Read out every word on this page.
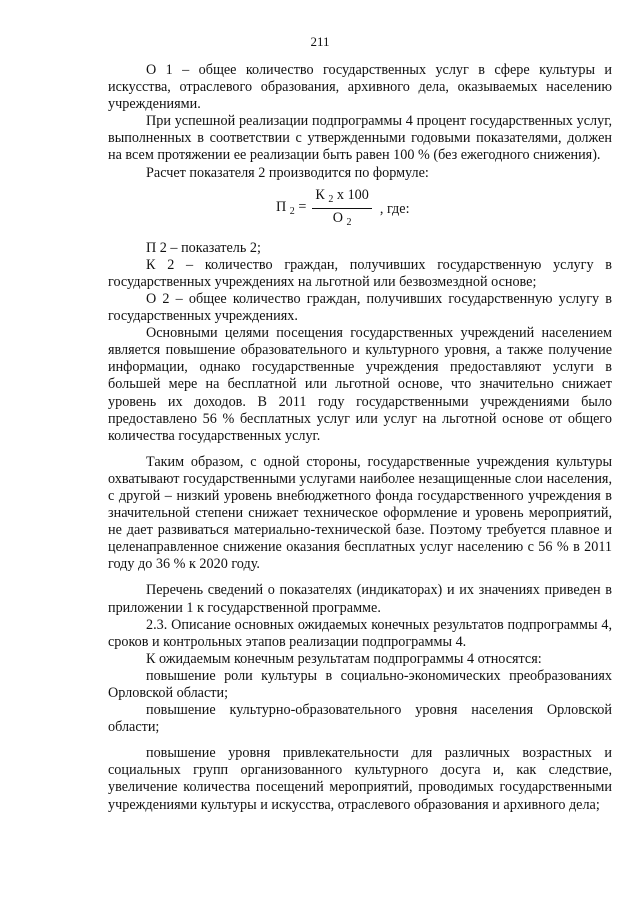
211

О 1 – общее количество государственных услуг в сфере культуры и искусства, отраслевого образования, архивного дела, оказываемых населению учреждениями.

При успешной реализации подпрограммы 4 процент государственных услуг, выполненных в соответствии с утвержденными годовыми показателями, должен на всем протяжении ее реализации быть равен 100 % (без ежегодного снижения).

Расчет показателя 2 производится по формуле:

П $_2 = \frac{К _2 х 100}{О _2}$ , где:

П 2 – показатель 2;

К 2 – количество граждан, получивших государственную услугу в государственных учреждениях на льготной или безвозмездной основе;

О 2 – общее количество граждан, получивших государственную услугу в государственных учреждениях.

Основными целями посещения государственных учреждений населением является повышение образовательного и культурного уровня, а также получение информации, однако государственные учреждения предоставляют услуги в большей мере на бесплатной или льготной основе, что значительно снижает уровень их доходов. В 2011 году государственными учреждениями было предоставлено 56 % бесплатных услуг или услуг на льготной основе от общего количества государственных услуг.

Таким образом, с одной стороны, государственные учреждения культуры охватывают государственными услугами наиболее незащищенные слои населения, с другой – низкий уровень внебюджетного фонда государственного учреждения в значительной степени снижает техническое оформление и уровень мероприятий, не дает развиваться материально-технической базе. Поэтому требуется плавное и целенаправленное снижение оказания бесплатных услуг населению с 56 % в 2011 году до 36 % к 2020 году.

Перечень сведений о показателях (индикаторах) и их значениях приведен в приложении 1 к государственной программе.

2.3. Описание основных ожидаемых конечных результатов подпрограммы 4, сроков и контрольных этапов реализации подпрограммы 4.

К ожидаемым конечным результатам подпрограммы 4 относятся:

повышение роли культуры в социально-экономических преобразованиях Орловской области;

повышение культурно-образовательного уровня населения Орловской области;

повышение уровня привлекательности для различных возрастных и социальных групп организованного культурного досуга и, как следствие, увеличение количества посещений мероприятий, проводимых государственными учреждениями культуры и искусства, отраслевого образования и архивного дела;
